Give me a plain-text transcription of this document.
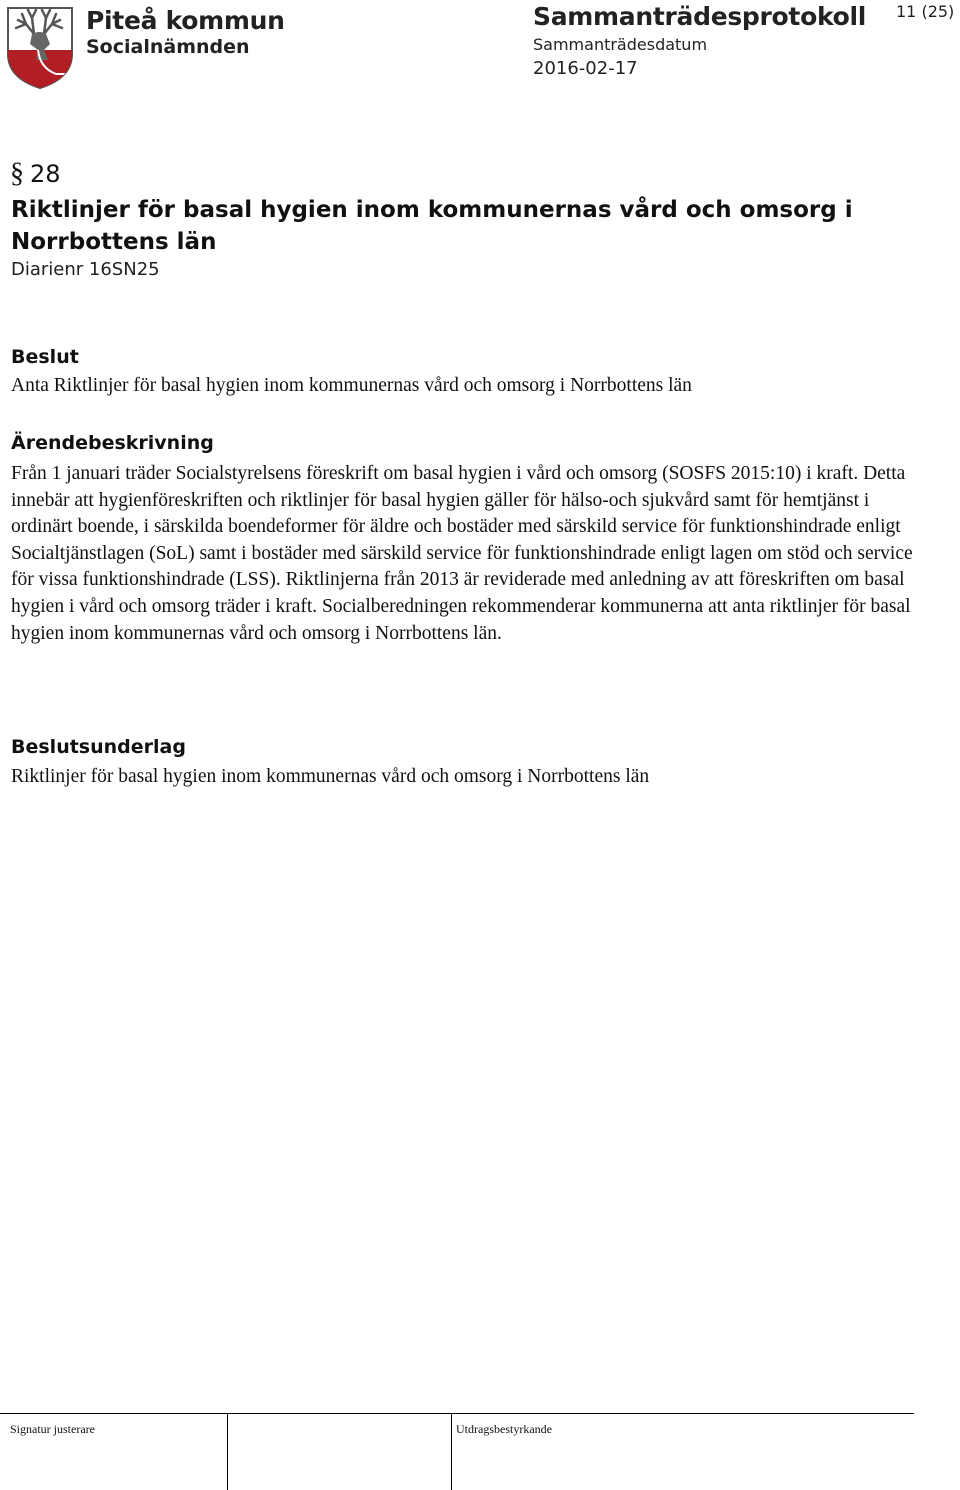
Piteå kommun
Socialnämnden
Sammanträdesprotokoll
Sammanträdesdatum
2016-02-17
11 (25)
§ 28
Riktlinjer för basal hygien inom kommunernas vård och omsorg i Norrbottens län
Diarienr 16SN25
Beslut
Anta Riktlinjer för basal hygien inom kommunernas vård och omsorg i Norrbottens län
Ärendebeskrivning
Från 1 januari träder Socialstyrelsens föreskrift om basal hygien i vård och omsorg (SOSFS 2015:10) i kraft. Detta innebär att hygienföreskriften och riktlinjer för basal hygien gäller för hälso-och sjukvård samt för hemtjänst i ordinärt boende, i särskilda boendeformer för äldre och bostäder med särskild service för funktionshindrade enligt Socialtjänstlagen (SoL) samt i bostäder med särskild service för funktionshindrade enligt lagen om stöd och service för vissa funktionshindrade (LSS). Riktlinjerna från 2013 är reviderade med anledning av att föreskriften om basal hygien i vård och omsorg träder i kraft. Socialberedningen rekommenderar kommunerna att anta riktlinjer för basal hygien inom kommunernas vård och omsorg i Norrbottens län.
Beslutsunderlag
Riktlinjer för basal hygien inom kommunernas vård och omsorg i Norrbottens län
Signatur justerare	Utdragsbestyrkande
